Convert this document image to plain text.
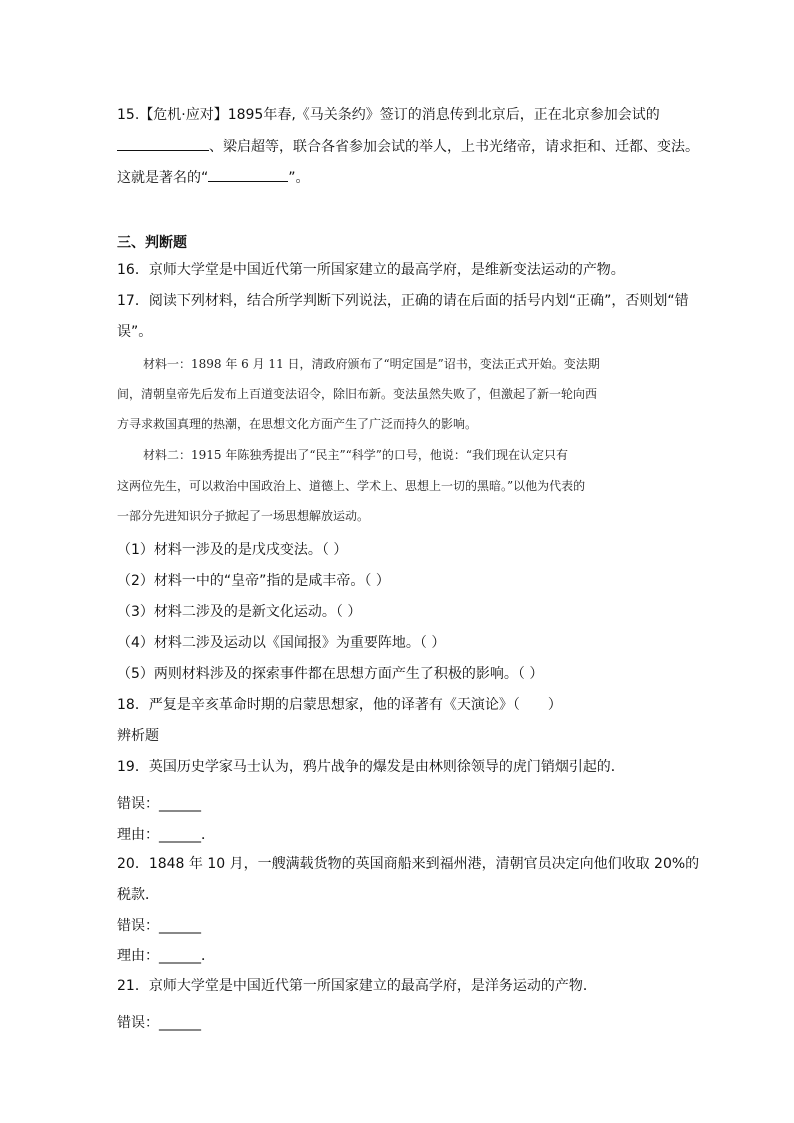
15.【危机·应对】1895年春,《马关条约》签订的消息传到北京后，正在北京参加会试的
、梁启超等，联合各省参加会试的举人，上书光绪帝，请求拒和、迁都、变法。
这就是著名的“	”。
三、判断题
16．京师大学堂是中国近代第一所国家建立的最高学府，是维新变法运动的产物。
17．阅读下列材料，结合所学判断下列说法，正确的请在后面的括号内划“正确”，否则划“错
误”。
材料一：1898 年 6 月 11 日，清政府颁布了“明定国是”诏书，变法正式开始。变法期
间，清朝皇帝先后发布上百道变法诏令，除旧布新。变法虽然失败了，但激起了新一轮向西
方寻求救国真理的热潮，在思想文化方面产生了广泛而持久的影响。
材料二：1915 年陈独秀提出了“民主”“科学”的口号，他说：“我们现在认定只有
这两位先生，可以救治中国政治上、道德上、学术上、思想上一切的黑暗。”以他为代表的
一部分先进知识分子掀起了一场思想解放运动。
（1）材料一涉及的是戊戌变法。（ ）
（2）材料一中的“皇帝”指的是咸丰帝。（ ）
（3）材料二涉及的是新文化运动。（ ）
（4）材料二涉及运动以《国闻报》为重要阵地。（ ）
（5）两则材料涉及的探索事件都在思想方面产生了积极的影响。（ ）
18．严复是辛亥革命时期的启蒙思想家，他的译著有《天演论》（　　）
辨析题
19．英国历史学家马士认为，鸦片战争的爆发是由林则徐领导的虎门销烟引起的．
错误：______
理由：______．
20．1848 年 10 月，一艘满载货物的英国商船来到福州港，清朝官员决定向他们收取 20%的
税款．
错误：______
理由：______．
21．京师大学堂是中国近代第一所国家建立的最高学府，是洋务运动的产物．
错误：______
